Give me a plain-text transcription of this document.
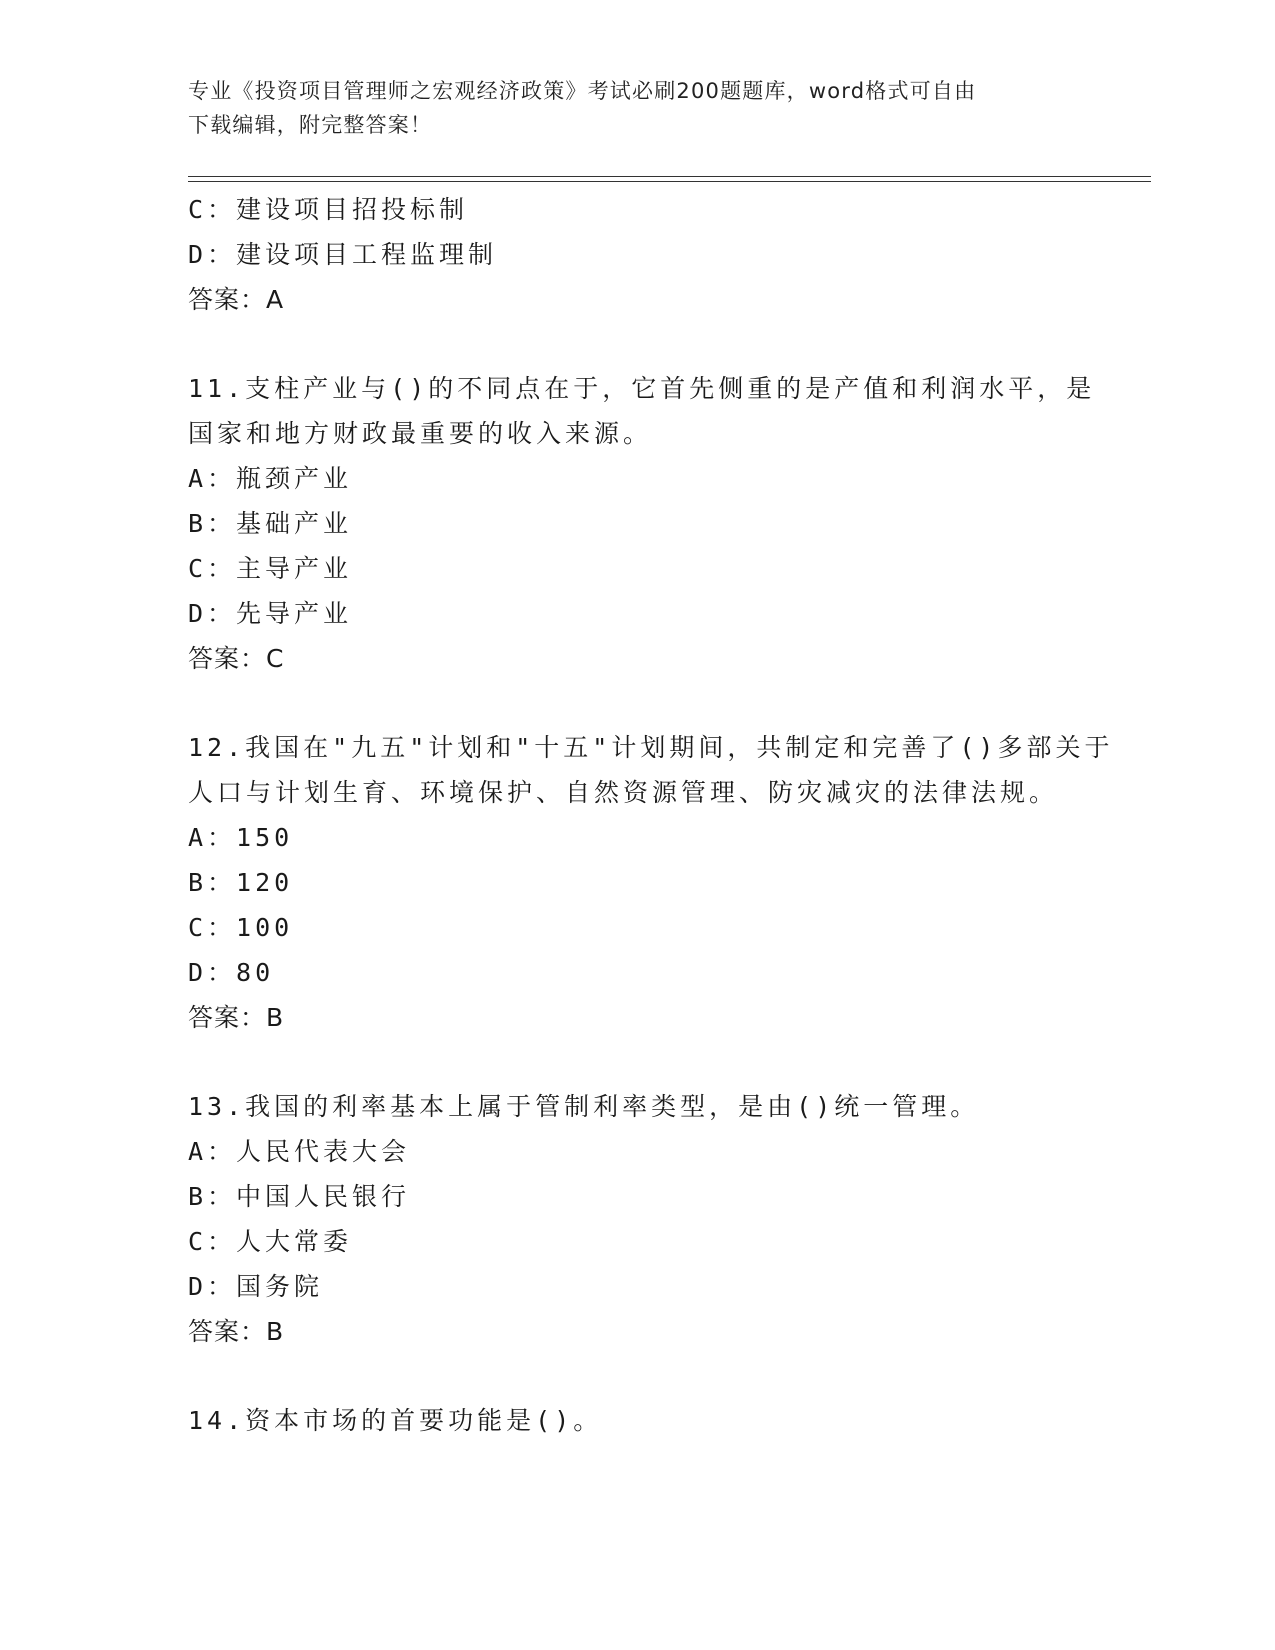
专业《投资项目管理师之宏观经济政策》考试必刷200题题库，word格式可自由
下载编辑，附完整答案！
C：建设项目招投标制
D：建设项目工程监理制
答案：A
11.支柱产业与()的不同点在于，它首先侧重的是产值和利润水平，是
国家和地方财政最重要的收入来源。
A：瓶颈产业
B：基础产业
C：主导产业
D：先导产业
答案：C
12.我国在"九五"计划和"十五"计划期间，共制定和完善了()多部关于
人口与计划生育、环境保护、自然资源管理、防灾减灾的法律法规。
A：150
B：120
C：100
D：80
答案：B
13.我国的利率基本上属于管制利率类型，是由()统一管理。
A：人民代表大会
B：中国人民银行
C：人大常委
D：国务院
答案：B
14.资本市场的首要功能是()。
